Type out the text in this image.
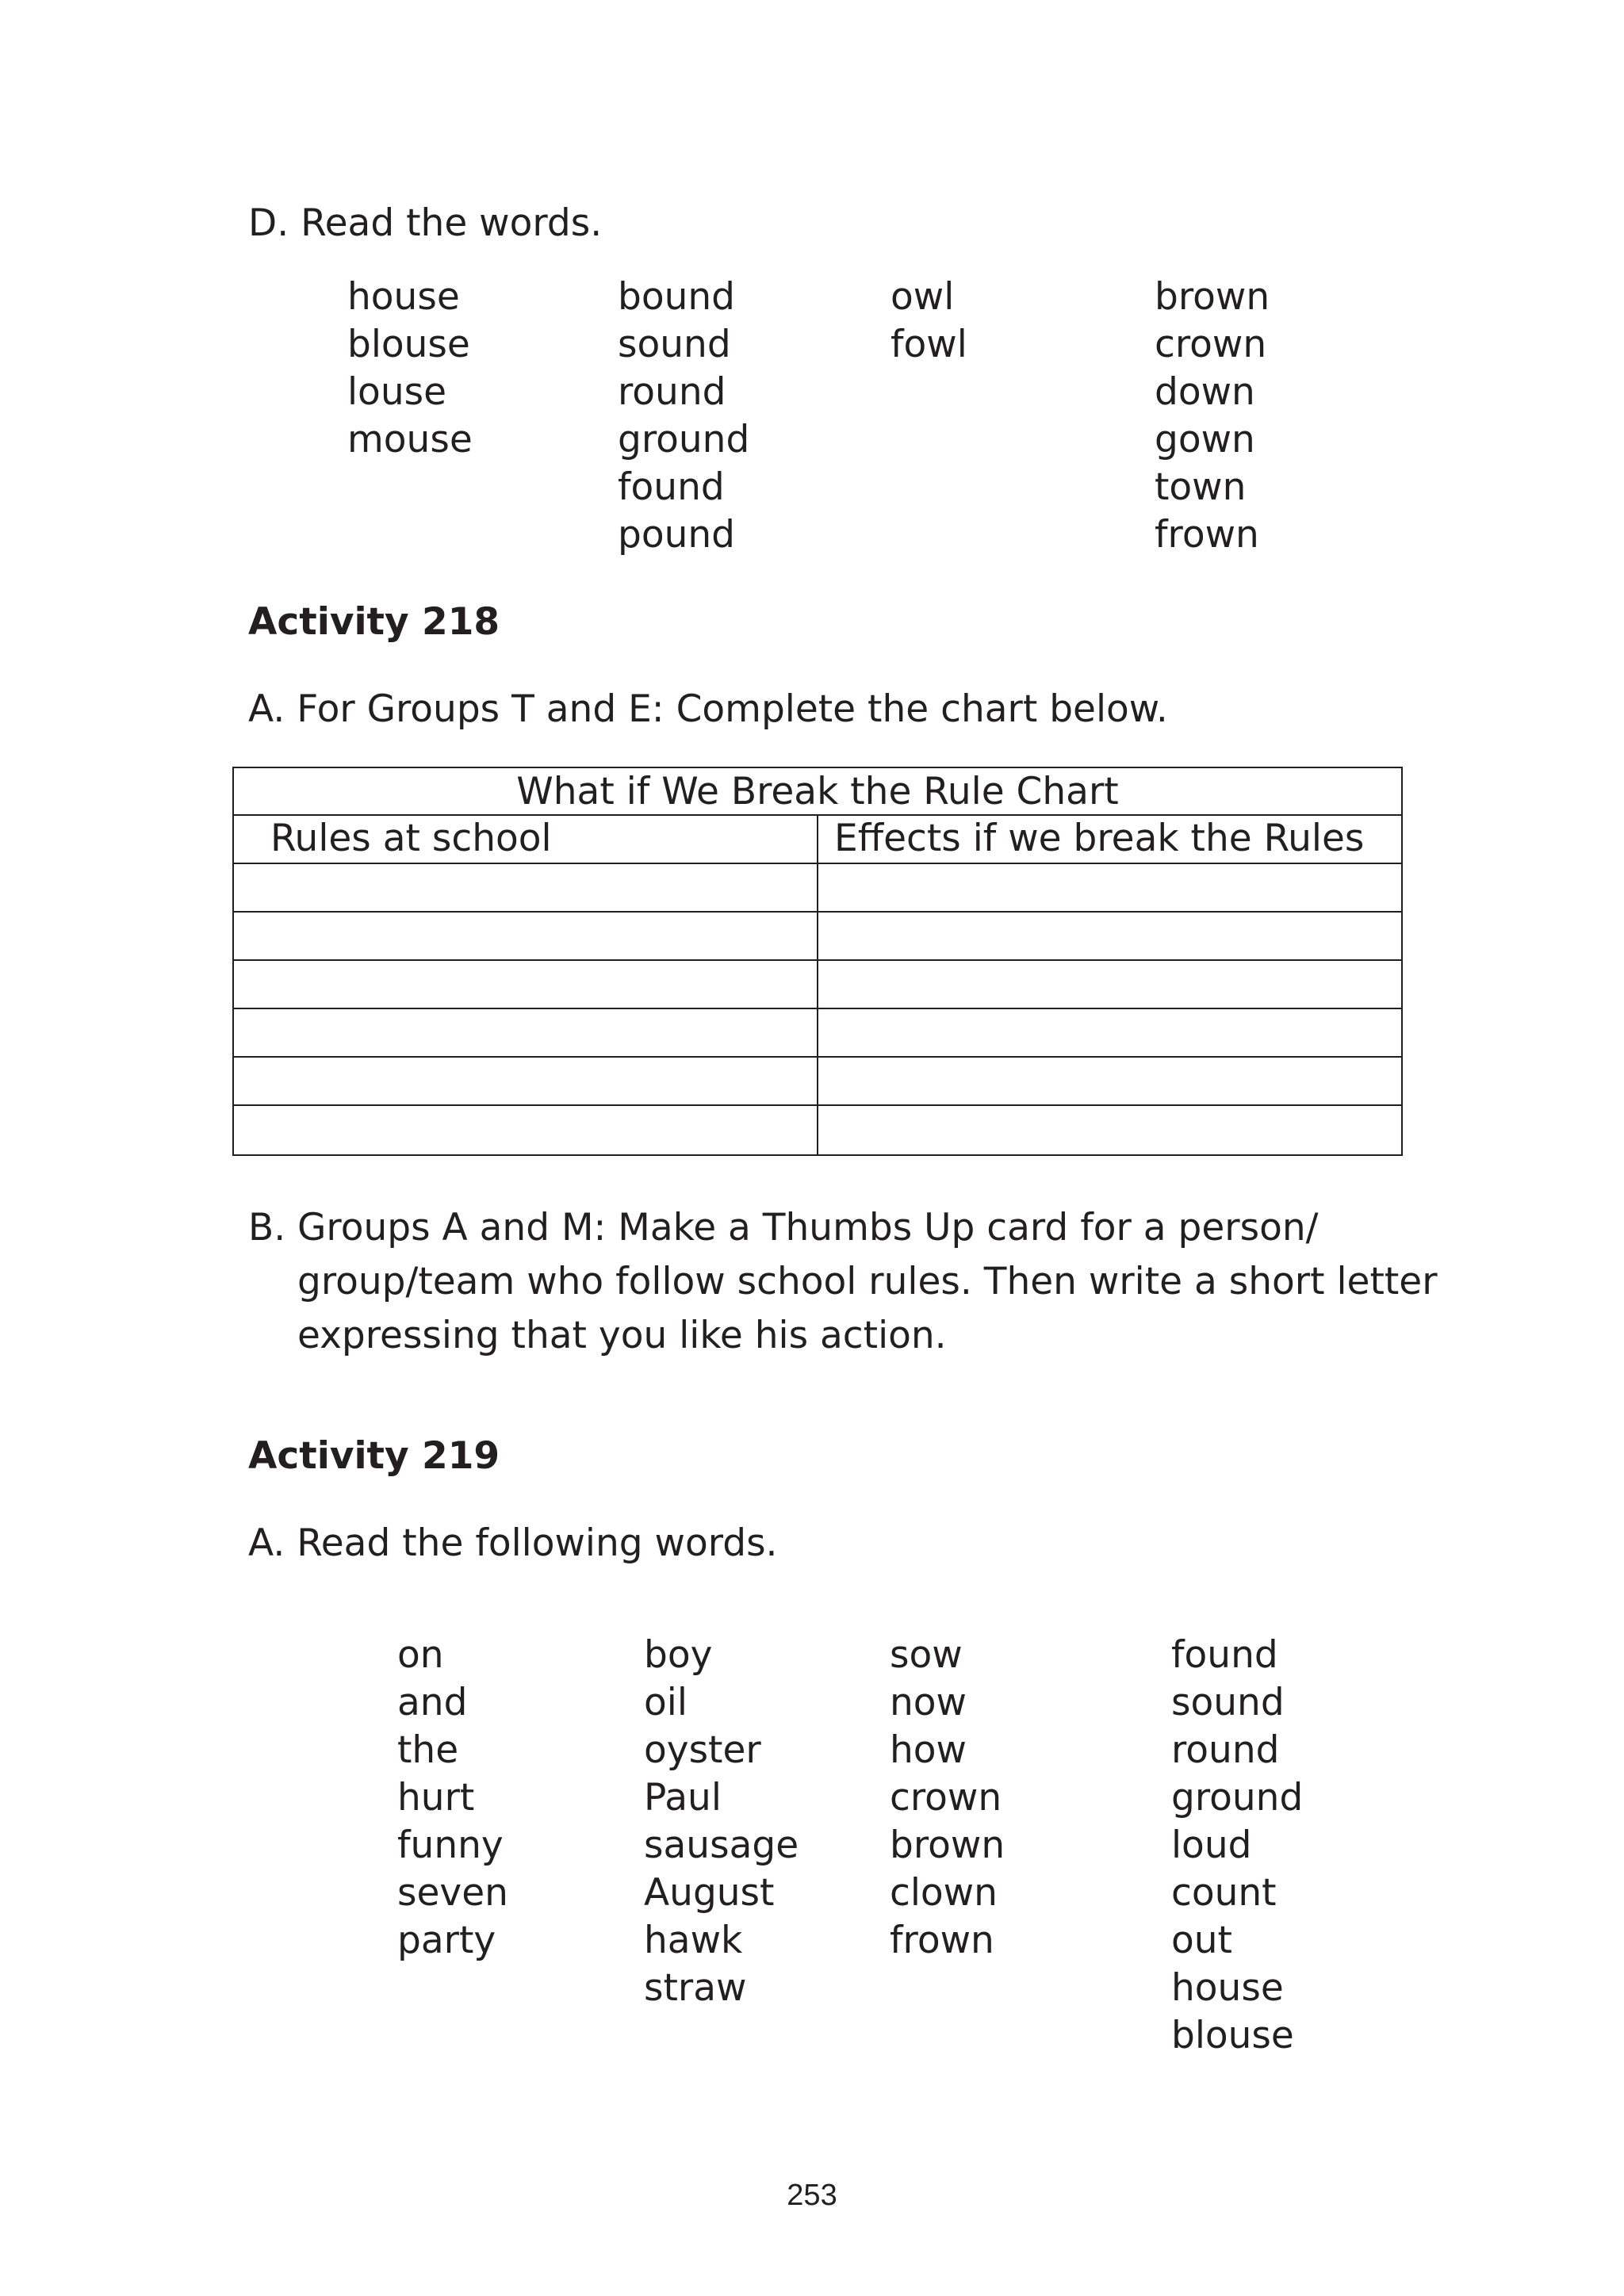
D. Read the words.
house
blouse
louse
mouse
bound
sound
round
ground
found
pound
owl
fowl
brown
crown
down
gown
town
frown
Activity 218
A. For Groups T and E: Complete the chart below.
What if We Break the Rule Chart
Rules at school	Effects if we break the Rules
B. Groups A and M: Make a Thumbs Up card for a person/ group/team who follow school rules. Then write a short letter expressing that you like his action.
Activity 219
A. Read the following words.
on
and
the
hurt
funny
seven
party
boy
oil
oyster
Paul
sausage
August
hawk
straw
sow
now
how
crown
brown
clown
frown
found
sound
round
ground
loud
count
out
house
blouse
253
